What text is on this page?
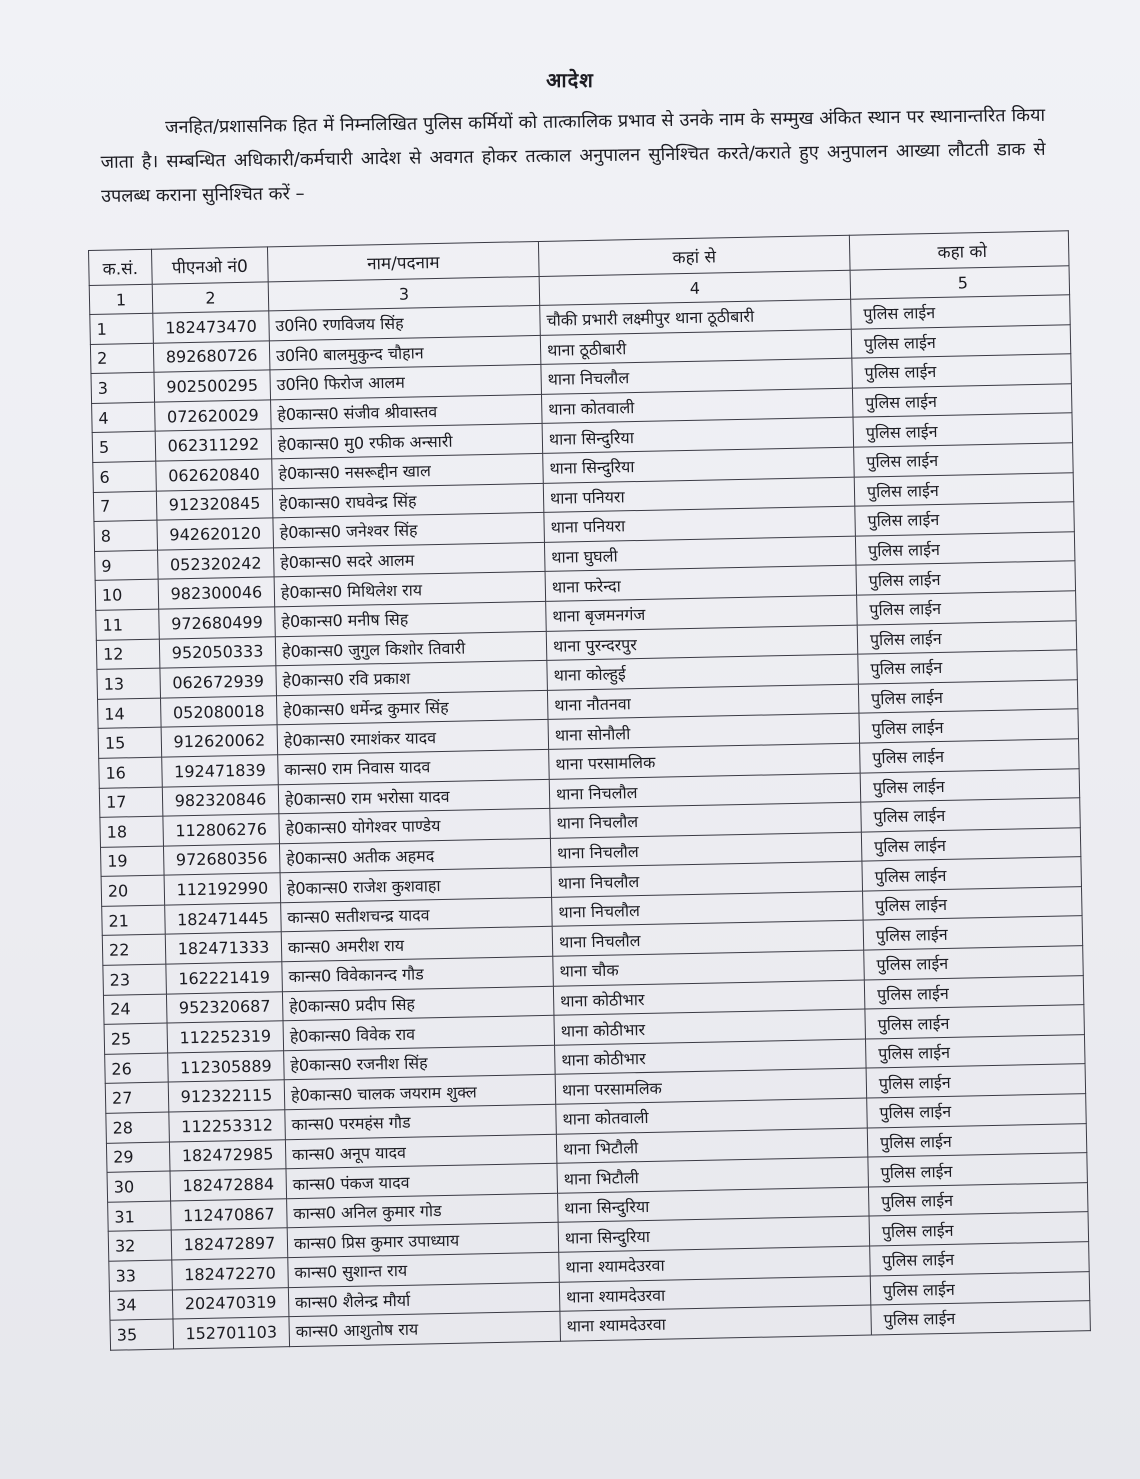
आदेश
जनहित/प्रशासनिक हित में निम्नलिखित पुलिस कर्मियों को तात्कालिक प्रभाव से उनके नाम के सम्मुख अंकित स्थान पर स्थानान्तरित किया जाता है। सम्बन्धित अधिकारी/कर्मचारी आदेश से अवगत होकर तत्काल अनुपालन सुनिश्चित करते/कराते हुए अनुपालन आख्या लौटती डाक से उपलब्ध कराना सुनिश्चित करें –
क.सं.	पीएनओ नं0	नाम/पदनाम	कहां से	कहा को
1	2	3	4	5
1	182473470	उ0नि0 रणविजय सिंह	चौकी प्रभारी लक्ष्मीपुर थाना ठूठीबारी	पुलिस लाईन
2	892680726	उ0नि0 बालमुकुन्द चौहान	थाना ठूठीबारी	पुलिस लाईन
3	902500295	उ0नि0 फिरोज आलम	थाना निचलौल	पुलिस लाईन
4	072620029	हे0कान्स0 संजीव श्रीवास्तव	थाना कोतवाली	पुलिस लाईन
5	062311292	हे0कान्स0 मु0 रफीक अन्सारी	थाना सिन्दुरिया	पुलिस लाईन
6	062620840	हे0कान्स0 नसरूद्दीन खाल	थाना सिन्दुरिया	पुलिस लाईन
7	912320845	हे0कान्स0 राघवेन्द्र सिंह	थाना पनियरा	पुलिस लाईन
8	942620120	हे0कान्स0 जनेश्वर सिंह	थाना पनियरा	पुलिस लाईन
9	052320242	हे0कान्स0 सदरे आलम	थाना घुघली	पुलिस लाईन
10	982300046	हे0कान्स0 मिथिलेश राय	थाना फरेन्दा	पुलिस लाईन
11	972680499	हे0कान्स0 मनीष सिह	थाना बृजमनगंज	पुलिस लाईन
12	952050333	हे0कान्स0 जुगुल किशोर तिवारी	थाना पुरन्दरपुर	पुलिस लाईन
13	062672939	हे0कान्स0 रवि प्रकाश	थाना कोल्हुई	पुलिस लाईन
14	052080018	हे0कान्स0 धर्मेन्द्र कुमार सिंह	थाना नौतनवा	पुलिस लाईन
15	912620062	हे0कान्स0 रमाशंकर यादव	थाना सोनौली	पुलिस लाईन
16	192471839	कान्स0 राम निवास यादव	थाना परसामलिक	पुलिस लाईन
17	982320846	हे0कान्स0 राम भरोसा यादव	थाना निचलौल	पुलिस लाईन
18	112806276	हे0कान्स0 योगेश्वर पाण्डेय	थाना निचलौल	पुलिस लाईन
19	972680356	हे0कान्स0 अतीक अहमद	थाना निचलौल	पुलिस लाईन
20	112192990	हे0कान्स0 राजेश कुशवाहा	थाना निचलौल	पुलिस लाईन
21	182471445	कान्स0 सतीशचन्द्र यादव	थाना निचलौल	पुलिस लाईन
22	182471333	कान्स0 अमरीश राय	थाना निचलौल	पुलिस लाईन
23	162221419	कान्स0 विवेकानन्द गौड	थाना चौक	पुलिस लाईन
24	952320687	हे0कान्स0 प्रदीप सिह	थाना कोठीभार	पुलिस लाईन
25	112252319	हे0कान्स0 विवेक राव	थाना कोठीभार	पुलिस लाईन
26	112305889	हे0कान्स0 रजनीश सिंह	थाना कोठीभार	पुलिस लाईन
27	912322115	हे0कान्स0 चालक जयराम शुक्ल	थाना परसामलिक	पुलिस लाईन
28	112253312	कान्स0 परमहंस गौड	थाना कोतवाली	पुलिस लाईन
29	182472985	कान्स0 अनूप यादव	थाना भिटौली	पुलिस लाईन
30	182472884	कान्स0 पंकज यादव	थाना भिटौली	पुलिस लाईन
31	112470867	कान्स0 अनिल कुमार गोड	थाना सिन्दुरिया	पुलिस लाईन
32	182472897	कान्स0 प्रिस कुमार उपाध्याय	थाना सिन्दुरिया	पुलिस लाईन
33	182472270	कान्स0 सुशान्त राय	थाना श्यामदेउरवा	पुलिस लाईन
34	202470319	कान्स0 शैलेन्द्र मौर्या	थाना श्यामदेउरवा	पुलिस लाईन
35	152701103	कान्स0 आशुतोष राय	थाना श्यामदेउरवा	पुलिस लाईन
